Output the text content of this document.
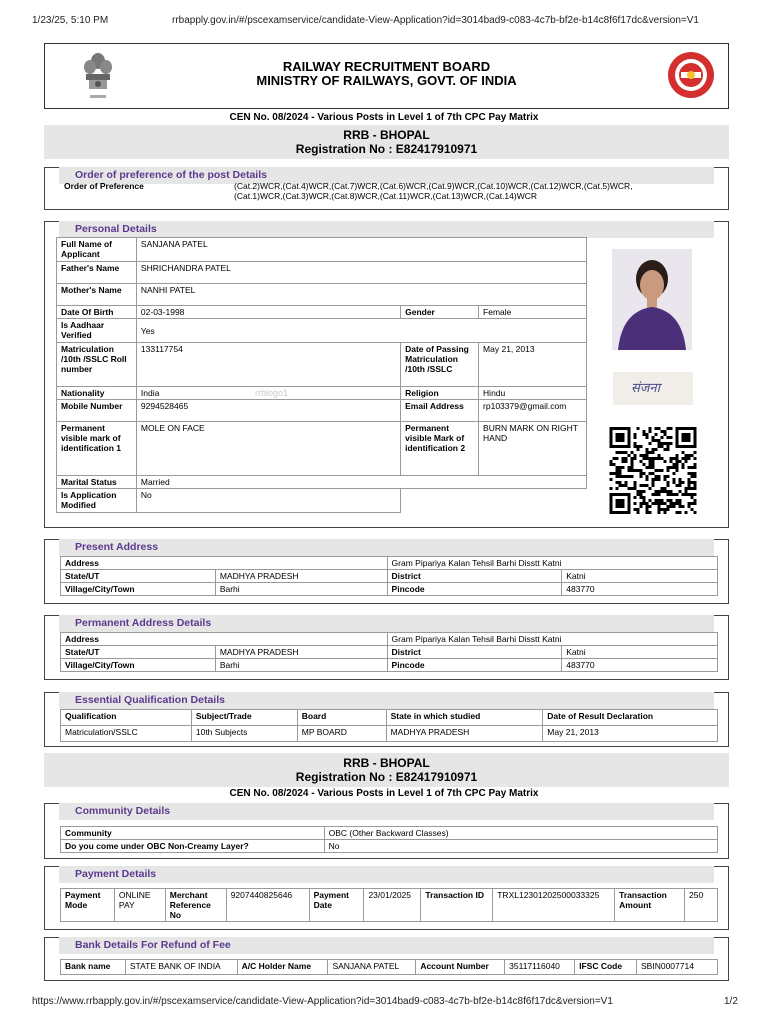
1/23/25, 5:10 PM	rrbapply.gov.in/#/pscexamservice/candidate-View-Application?id=3014bad9-c083-4c7b-bf2e-b14c8f6f17dc&version=V1
RAILWAY RECRUITMENT BOARD
MINISTRY OF RAILWAYS, GOVT. OF INDIA
CEN No. 08/2024 - Various Posts in Level 1 of 7th CPC Pay Matrix
RRB - BHOPAL
Registration No : E82417910971
Order of preference of the post Details
Order of Preference	(Cat.2)WCR,(Cat.4)WCR,(Cat.7)WCR,(Cat.6)WCR,(Cat.9)WCR,(Cat.10)WCR,(Cat.12)WCR,(Cat.5)WCR,
(Cat.1)WCR,(Cat.3)WCR,(Cat.8)WCR,(Cat.11)WCR,(Cat.13)WCR,(Cat.14)WCR
Personal Details
Full Name of Applicant	SANJANA PATEL		
Father's Name	SHRICHANDRA PATEL		
Mother's Name	NANHI PATEL		
Date Of Birth	02-03-1998	Gender	Female
Is Aadhaar Verified	Yes		
Matriculation /10th /SSLC Roll number	133117754	Date of Passing Matriculation /10th /SSLC	May 21, 2013
Nationality	India	Religion	Hindu
Mobile Number	9294528465	Email Address	rp103379@gmail.com
Permanent visible mark of identification 1	MOLE ON FACE	Permanent visible Mark of identification 2	BURN MARK ON RIGHT HAND
Marital Status	Married		
Is Application Modified	No		
rrblogo1	संजना
Present Address
Address		Gram Pipariya Kalan Tehsil Barhi Disstt Katni	
State/UT	MADHYA PRADESH	District	Katni
Village/City/Town	Barhi	Pincode	483770
Permanent Address Details
Address		Gram Pipariya Kalan Tehsil Barhi Disstt Katni	
State/UT	MADHYA PRADESH	District	Katni
Village/City/Town	Barhi	Pincode	483770
Essential Qualification Details
Qualification	Subject/Trade	Board	State in which studied	Date of Result Declaration
Matriculation/SSLC	10th Subjects	MP BOARD	MADHYA PRADESH	May 21, 2013
RRB - BHOPAL
Registration No : E82417910971
CEN No. 08/2024 - Various Posts in Level 1 of 7th CPC Pay Matrix
Community Details
Community	OBC (Other Backward Classes)
Do you come under OBC Non-Creamy Layer?	No
Payment Details
Payment Mode	ONLINE PAY	Merchant Reference No	9207440825646	Payment Date	23/01/2025	Transaction ID	TRXL12301202500033325	Transaction Amount	250
Bank Details For Refund of Fee
Bank name	STATE BANK OF INDIA	A/C Holder Name	SANJANA PATEL	Account Number	35117116040	IFSC Code	SBIN0007714
https://www.rrbapply.gov.in/#/pscexamservice/candidate-View-Application?id=3014bad9-c083-4c7b-bf2e-b14c8f6f17dc&version=V1	1/2
